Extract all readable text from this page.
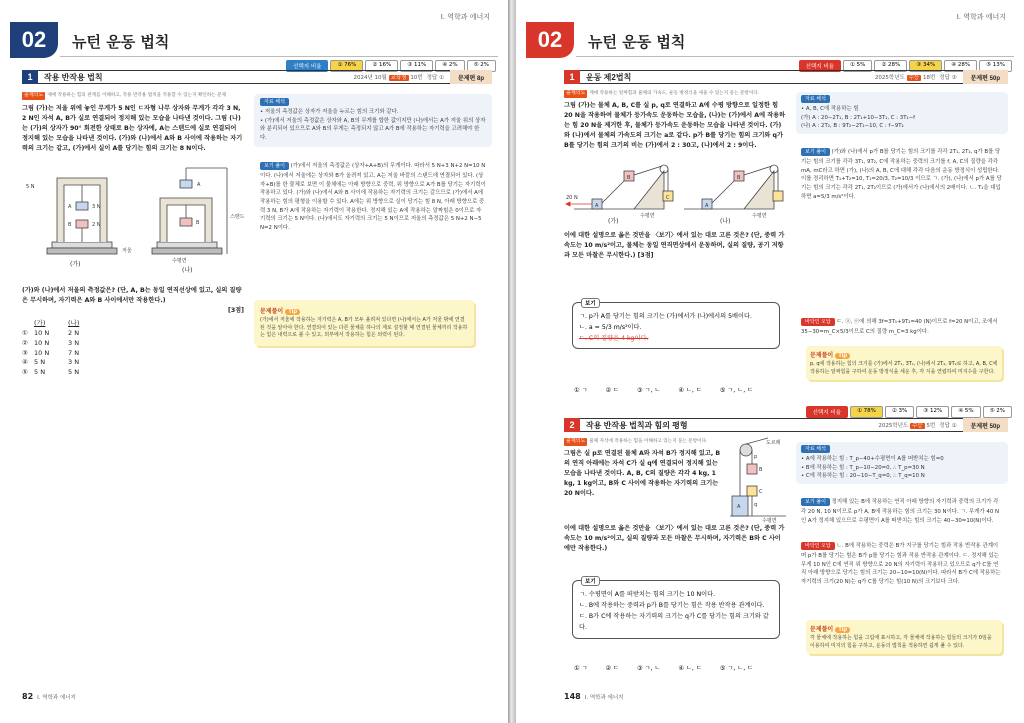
I. 역학과 에너지
02	뉴턴 운동 법칙
선택지 비율	① 76%	② 16%	③ 11%	④ 2%	⑤ 2%
1	작용 반작용 법칙	2024년 10월 교육청 10번 정답 ①	문제편 8p
출제의도 제에 작용하는 힘의 관계를 이해하고, 작용 반작용 법칙을 적용할 수 있는지 확인하는 문제
그림 (가)는 저울 위에 놓인 무게가 5 N인 ㄷ자형 나무 상자와 무게가 각각 3 N, 2 N인 자석 A, B가 실로 연결되어 정지해 있는 모습을 나타낸 것이다. 그림 (나)는 (가)의 상자가 90° 회전한 상태로 B는 상자에, A는 스탠드에 실로 연결되어 정지해 있는 모습을 나타낸 것이다. (가)와 (나)에서 A와 B 사이에 작용하는 자기력의 크기는 같고, (가)에서 실이 A를 당기는 힘의 크기는 8 N이다.
5 N
A
B
3 N
2 N
저울
(가)
A
B
스탠드
수평면
(나)
(가)와 (나)에서 저울의 측정값은? (단, A, B는 동일 연직선상에 있고, 실의 질량은 무시하며, 자기력은 A와 B 사이에서만 작용한다.)
[3점]
(가)	(나)
① 10 N	2 N
② 10 N	3 N
③ 10 N	7 N
④ 5 N	3 N
⑤ 5 N	5 N
자료 해석
• 저울의 측정값은 상자가 저울을 누르는 힘의 크기와 같다.
• (가)에서 저울의 측정값은 상자와 A, B의 무게를 합한 값이지만 (나)에서는 A가 저울 위의 상자와 분리되어 있으므로 A와 B의 무게는 측정되지 않고 A가 B에 작용하는 자기력을 고려해야 한다.
보기 풀이 (가)에서 저울의 측정값은 (상자+A+B)의 무게이다. 따라서 5 N+3 N+2 N=10 N이다. (나)에서 저울에는 상자와 B가 올려져 있고, A는 저울 바깥의 스탠드에 연결되어 있다. (상자+B)를 한 물체로 보면 이 물체에는 아래 방향으로 중력, 위 방향으로 A가 B를 당기는 자기력이 작용하고 있다. (가)와 (나)에서 A와 B 사이에 작용하는 자기력의 크기는 같으므로 (가)에서 A에 작용하는 힘의 평형을 이용할 수 있다. A에는 위 방향으로 실이 당기는 힘 8 N, 아래 방향으로 중력 3 N, B가 A에 작용하는 자기력이 작용한다. 정지해 있는 A에 작용하는 알짜힘은 0이므로 자기력의 크기는 5 N이다. (나)에서도 자기력의 크기는 5 N이므로 저울의 측정값은 5 N+2 N−5 N=2 N이다.
문제풀이 Tip
(가)에서 저울에 작용하는 자기력은 A, B가 모두 올려져 있다면 (나)에서는 A가 저울 밖에 연결된 것을 알아야 한다. 연결되어 있는 다른 물체를 하나의 계로 설정할 때 연결된 물체끼리 작용하는 힘은 내력으로 볼 수 있고, 외부에서 작용하는 힘은 외력이 된다.
82 I. 역학과 에너지
I. 역학과 에너지
02	뉴턴 운동 법칙
선택지 비율	① 5%	② 28%	③ 34%	④ 28%	⑤ 13%
1	운동 제2법칙	2025학년도 수능 18번 정답 ③	문제편 50p
출제의도 계에 작용하는 알짜힘과 물체의 가속도, 운동 방정식을 세울 수 있는지 묻는 문항이다.
그림 (가)는 물체 A, B, C를 실 p, q로 연결하고 A에 수평 방향으로 일정한 힘 20 N을 작용하여 물체가 등가속도 운동하는 모습을, (나)는 (가)에서 A에 작용하는 힘 20 N을 제거한 후, 물체가 등가속도 운동하는 모습을 나타낸 것이다. (가)와 (나)에서 물체의 가속도의 크기는 a로 같다. p가 B를 당기는 힘의 크기와 q가 B를 당기는 힘의 크기의 비는 (가)에서 2 : 30고, (나)에서 2 : 9이다.
20 N
A
B
C
수평면
(가)
A
B
수평면
(나)
이에 대한 설명으로 옳은 것만을 〈보기〉에서 있는 대로 고른 것은? (단, 중력 가속도는 10 m/s²이고, 물체는 동일 연직면상에서 운동하며, 실의 질량, 공기 저항과 모든 마찰은 무시한다.) [3점]
보기
ㄱ. p가 A를 당기는 힘의 크기는 (가)에서가 (나)에서의 5배이다.
ㄴ. a = 5/3 m/s²이다.
ㄷ. C의 질량은 4 kg이다.
① ㄱ	② ㄷ	③ ㄱ, ㄴ	④ ㄴ, ㄷ	⑤ ㄱ, ㄴ, ㄷ
자료 해석
• A, B, C에 작용하는 힘
(가) A : 20−2T₁, B : 2T₁+10−3T₁, C : 3T₁−f
(나) A : 2T₂, B : 9T₂−2T₂−10, C : f−9T₂
보기 풀이 (가)와 (나)에서 p가 B를 당기는 힘의 크기를 각각 2T₁, 2T₂, q가 B를 당기는 힘의 크기를 각각 3T₁, 9T₂, C에 작용하는 중력의 크기를 f, A, C의 질량을 각각 mA, mC라고 하면 (가), (나)의 A, B, C에 대해 각각 다음의 운동 방정식이 성립한다. 이를 정리하면 T₁+T₂=10, T₁=20/3, T₂=10/3 이므로 ㄱ. (가), (나)에서 p가 A를 당기는 힘의 크기는 각각 2T₁, 2T₂이므로 (가)에서가 (나)에서의 2배이다. ㄴ. T₁을 대입하면 a=5/3 m/s²이다.
바닥인 오답 ㄷ. ⓐ, ⓔ에 의해 3f=3T₁+9T₂=40 (N)이므로 f=20 N이고, 조에서 35−30=m_C×5/3이므로 C의 질량 m_C=3 kg이다.
문제풀이 Tip
p, q에 작용하는 힘의 크기를 (가)에서 2T₁, 3T₁, (나)에서 2T₂, 9T₂로 하고, A, B, C에 작용하는 알짜힘을 구하여 운동 방정식을 세운 후, 각 식을 연립하여 미지수를 구한다.
선택지 비율	① 78%	② 3%	③ 12%	④ 5%	⑤ 2%
2	작용 반작용 법칙과 힘의 평형	2025학년도 수능 5번 정답 ①	문제편 50p
출제의도 물체 자석에 작용하는 힘을 이해하고 있는지 묻는 문항이다.
그림은 실 p로 연결된 물체 A와 자석 B가 정지해 있고, B의 연직 아래에는 자석 C가 실 q에 연결되어 정지해 있는 모습을 나타낸 것이다. A, B, C의 질량은 각각 4 kg, 1 kg, 1 kg이고, B와 C 사이에 작용하는 자기력의 크기는 20 N이다.
이에 대한 설명으로 옳은 것만을 〈보기〉에서 있는 대로 고른 것은? (단, 중력 가속도는 10 m/s²이고, 실의 질량과 모든 마찰은 무시하며, 자기력은 B와 C 사이에만 작용한다.)
도르래
A
B
C
p
q
수평면
보기
ㄱ. 수평면이 A를 떠받치는 힘의 크기는 10 N이다.
ㄴ. B에 작용하는 중력과 p가 B를 당기는 힘은 작용 반작용 관계이다.
ㄷ. B가 C에 작용하는 자기력의 크기는 q가 C를 당기는 힘의 크기와 같다.
① ㄱ	② ㄷ	③ ㄱ, ㄴ	④ ㄴ, ㄷ	⑤ ㄱ, ㄴ, ㄷ
자료 해석
• A에 작용하는 힘 : T_p−40+수평면이 A를 떠받치는 힘=0
• B에 작용하는 힘 : T_p−10−20=0, ∴ T_p=30 N
• C에 작용하는 힘 : 20−10−T_q=0, ∴ T_q=10 N
보기 풀이 정지해 있는 B에 작용하는 연직 아래 방향의 자기력과 중력의 크기가 각각 20 N, 10 N이므로 p가 A, B에 작용하는 힘의 크기는 30 N이다. ㄱ. 무게가 40 N인 A가 정지해 있으므로 수평면이 A를 떠받치는 힘의 크기는 40−30=10(N)이다.
바닥인 오답 ㄴ. B에 작용하는 중력은 B가 지구를 당기는 힘과 작용 반작용 관계이며 p가 B를 당기는 힘은 B가 p를 당기는 힘과 작용 반작용 관계이다. ㄷ. 정지해 있는 무게 10 N인 C에 연직 위 방향으로 20 N의 자기력이 작용하고 있으므로 q가 C를 연직 아래 방향으로 당기는 힘의 크기는 20−10=10(N)이다. 따라서 B가 C에 작용하는 자기력의 크기(20 N)는 q가 C를 당기는 힘(10 N)의 크기보다 크다.
문제풀이 Tip
각 물체에 작용하는 힘을 그림에 표시하고, 각 물체에 작용하는 힘들의 크기가 0임을 이용하여 미지의 힘을 구하고, 운동의 법칙을 적용하면 쉽게 풀 수 있다.
148 I. 역학과 에너지
